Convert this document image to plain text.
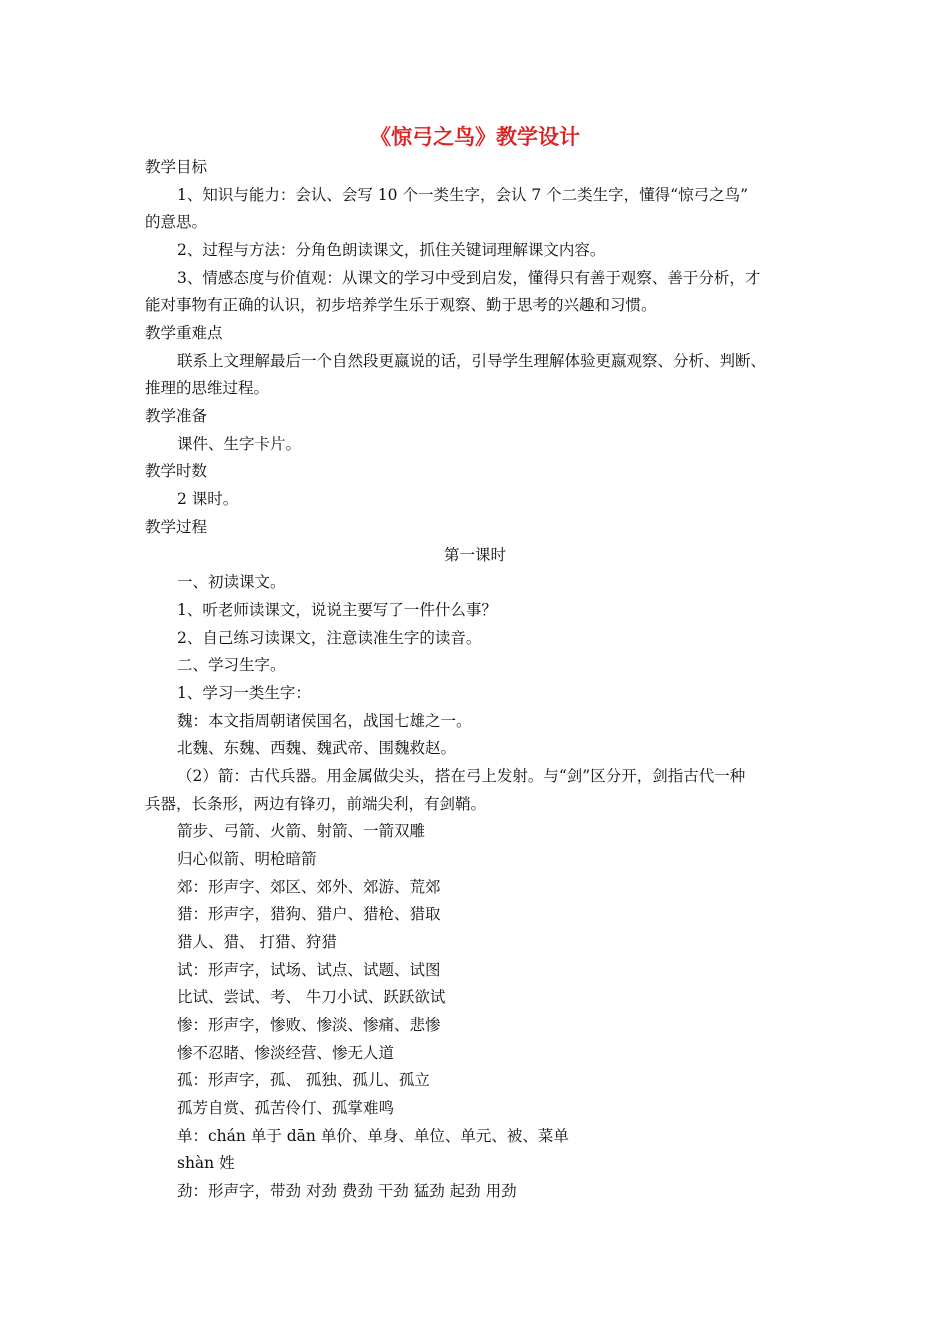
《惊弓之鸟》教学设计
教学目标
1、知识与能力：会认、会写 10 个一类生字，会认 7 个二类生字，懂得“惊弓之鸟”
的意思。
2、过程与方法：分角色朗读课文，抓住关键词理解课文内容。
3、情感态度与价值观：从课文的学习中受到启发，懂得只有善于观察、善于分析，才
能对事物有正确的认识，初步培养学生乐于观察、勤于思考的兴趣和习惯。
教学重难点
联系上文理解最后一个自然段更嬴说的话，引导学生理解体验更嬴观察、分析、判断、
推理的思维过程。
教学准备
课件、生字卡片。
教学时数
2 课时。
教学过程
第一课时
一、初读课文。
1、听老师读课文，说说主要写了一件什么事？
2、自己练习读课文，注意读准生字的读音。
二、学习生字。
1、学习一类生字：
魏：本文指周朝诸侯国名，战国七雄之一。
北魏、东魏、西魏、魏武帝、围魏救赵。
（2）箭：古代兵器。用金属做尖头，搭在弓上发射。与“剑”区分开，剑指古代一种
兵器，长条形，两边有锋刃，前端尖利，有剑鞘。
箭步、弓箭、火箭、射箭、一箭双雕
归心似箭、明枪暗箭
郊：形声字、郊区、郊外、郊游、荒郊
猎：形声字，猎狗、猎户、猎枪、猎取
猎人、猎、 打猎、狩猎
试：形声字，试场、试点、试题、试图
比试、尝试、考、 牛刀小试、跃跃欲试
惨：形声字，惨败、惨淡、惨痛、悲惨
惨不忍睹、惨淡经营、惨无人道
孤：形声字，孤、 孤独、孤儿、孤立
孤芳自赏、孤苦伶仃、孤掌难鸣
单：chán 单于 dān 单价、单身、单位、单元、被、菜单
shàn 姓
劲：形声字，带劲 对劲 费劲 干劲 猛劲 起劲 用劲
